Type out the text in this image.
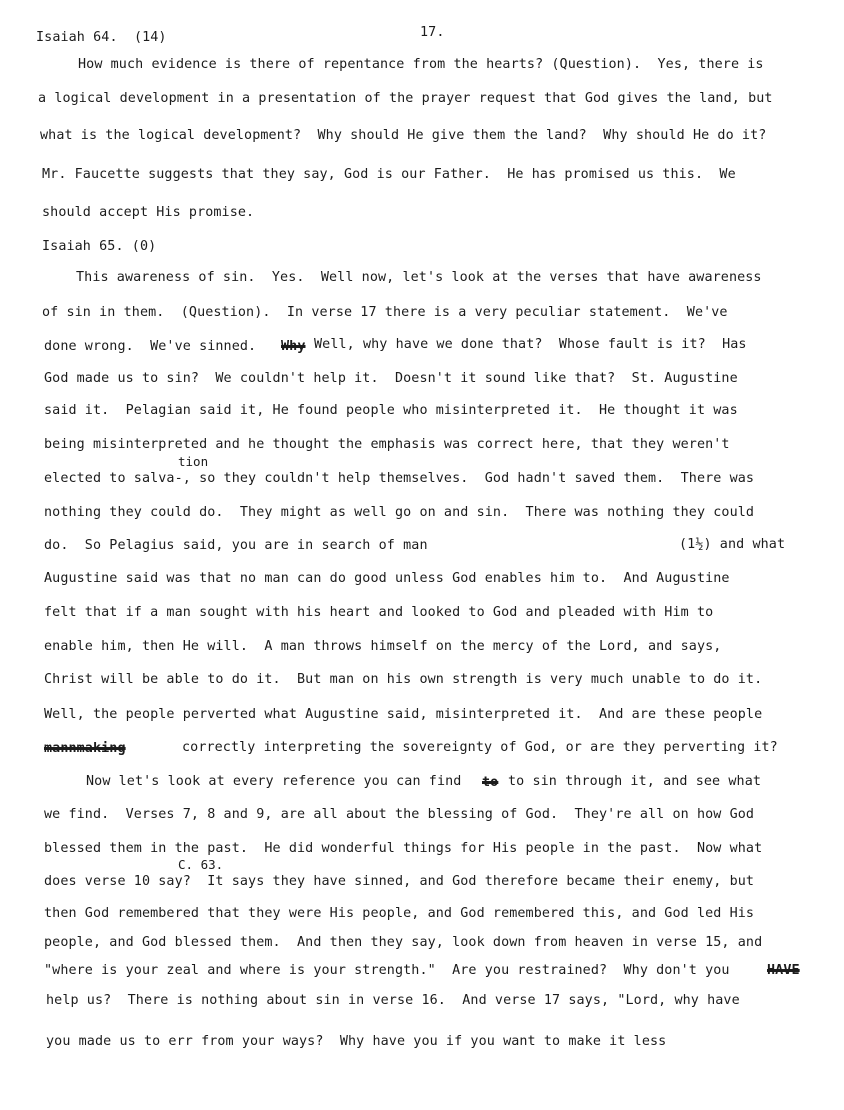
Isaiah 64.  (14)	17.
How much evidence is there of repentance from the hearts? (Question).  Yes, there is
a logical development in a presentation of the prayer request that God gives the land, but
what is the logical development?  Why should He give them the land?  Why should He do it?
Mr. Faucette suggests that they say, God is our Father.  He has promised us this.  We
should accept His promise.
Isaiah 65. (0)
This awareness of sin.  Yes.  Well now, let's look at the verses that have awareness
of sin in them.  (Question).  In verse 17 there is a very peculiar statement.  We've
done wrong.  We've sinned. Why Well, why have we done that?  Whose fault is it?  Has
God made us to sin?  We couldn't help it.  Doesn't it sound like that?  St. Augustine
said it.  Pelagian said it, He found people who misinterpreted it.  He thought it was
being misinterpreted and he thought the emphasis was correct here, that they weren't
tion
elected to salva-, so they couldn't help themselves.  God hadn't saved them.  There was
nothing they could do.  They might as well go on and sin.  There was nothing they could
do.  So Pelagius said, you are in search of man	(1½) and what
Augustine said was that no man can do good unless God enables him to.  And Augustine
felt that if a man sought with his heart and looked to God and pleaded with Him to
enable him, then He will.  A man throws himself on the mercy of the Lord, and says,
Christ will be able to do it.  But man on his own strength is very much unable to do it.
Well, the people perverted what Augustine said, misinterpreted it.  And are these people
mannmaking	correctly interpreting the sovereignty of God, or are they perverting it?
Now let's look at every reference you can find to to sin through it, and see what
we find.  Verses 7, 8 and 9, are all about the blessing of God.  They're all on how God
blessed them in the past.  He did wonderful things for His people in the past.  Now what
C. 63.
does verse 10 say?  It says they have sinned, and God therefore became their enemy, but
then God remembered that they were His people, and God remembered this, and God led His
people, and God blessed them.  And then they say, look down from heaven in verse 15, and
"where is your zeal and where is your strength."  Are you restrained?  Why don't you	HAVE
help us?  There is nothing about sin in verse 16.  And verse 17 says, "Lord, why have
you made us to err from your ways?  Why have you if you want to make it less
